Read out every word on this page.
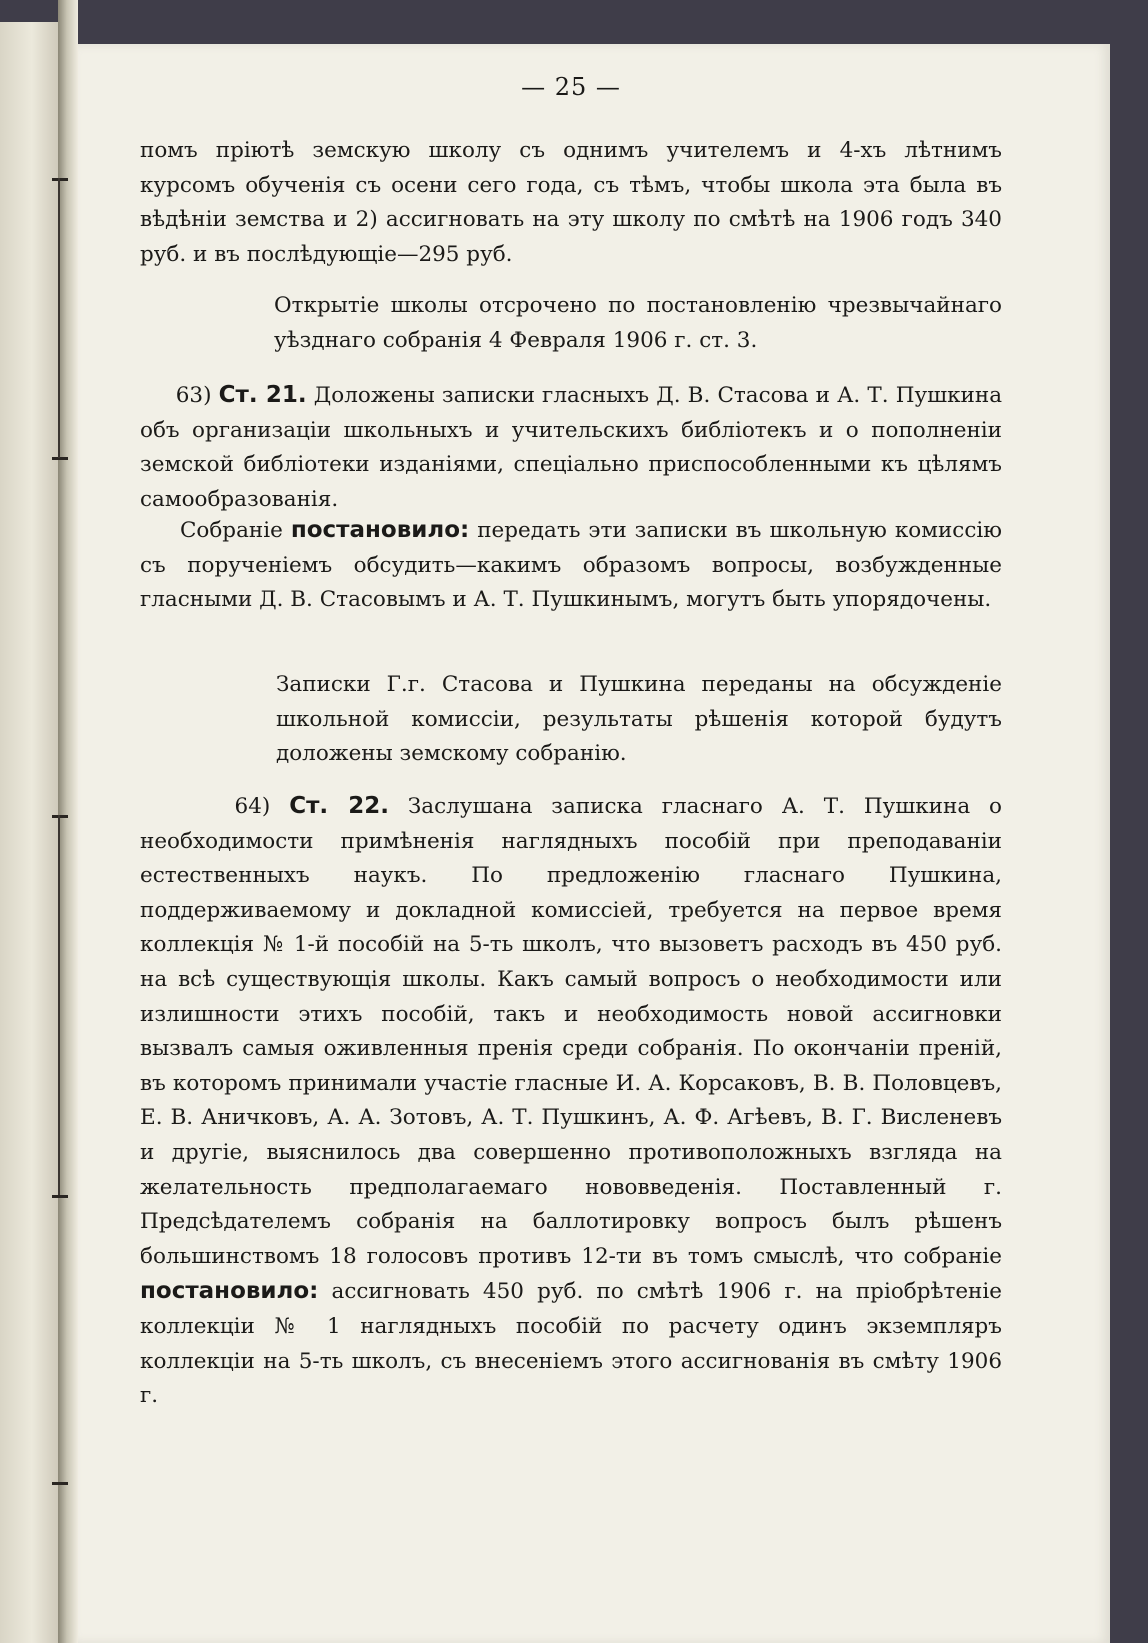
— 25 —

помъ пріютѣ земскую школу съ однимъ учителемъ и 4-хъ лѣтнимъ курсомъ обученія съ осени сего года, съ тѣмъ, чтобы школа эта была въ вѣдѣніи земства и 2) ассигновать на эту школу по смѣтѣ на 1906 годъ 340 руб. и въ послѣдующіе—295 руб.

Открытіе школы отсрочено по постановленію чрезвычайнаго уѣзднаго собранія 4 Февраля 1906 г. ст. 3.

63) Ст. 21. Доложены записки гласныхъ Д. В. Стасова и А. Т. Пушкина объ организаціи школьныхъ и учительскихъ библіотекъ и о пополненіи земской библіотеки изданіями, спеціально приспособленными къ цѣлямъ самообразованія.

Собраніе постановило: передать эти записки въ школьную комиссію съ порученіемъ обсудить—какимъ образомъ вопросы, возбужденные гласными Д. В. Стасовымъ и А. Т. Пушкинымъ, могутъ быть упорядочены.

Записки Г.г. Стасова и Пушкина переданы на обсужденіе школьной комиссіи, результаты рѣшенія которой будутъ доложены земскому собранію.

64) Ст. 22. Заслушана записка гласнаго А. Т. Пушкина о необходимости примѣненія наглядныхъ пособій при преподаваніи естественныхъ наукъ. По предложенію гласнаго Пушкина, поддерживаемому и докладной комиссіей, требуется на первое время коллекція № 1-й пособій на 5-ть школъ, что вызоветъ расходъ въ 450 руб. на всѣ существующія школы. Какъ самый вопросъ о необходимости или излишности этихъ пособій, такъ и необходимость новой ассигновки вызвалъ самыя оживленныя пренія среди собранія. По окончаніи преній, въ которомъ принимали участіе гласные И. А. Корсаковъ, В. В. Половцевъ, Е. В. Аничковъ, А. А. Зотовъ, А. Т. Пушкинъ, А. Ф. Агѣевъ, В. Г. Висленевъ и другіе, выяснилось два совершенно противоположныхъ взгляда на желательность предполагаемаго нововведенія. Поставленный г. Предсѣдателемъ собранія на баллотировку вопросъ былъ рѣшенъ большинствомъ 18 голосовъ противъ 12-ти въ томъ смыслѣ, что собраніе постановило: ассигновать 450 руб. по смѣтѣ 1906 г. на пріобрѣтеніе коллекціи № 1 наглядныхъ пособій по расчету одинъ экземпляръ коллекціи на 5-ть школъ, съ внесеніемъ этого ассигнованія въ смѣту 1906 г.
